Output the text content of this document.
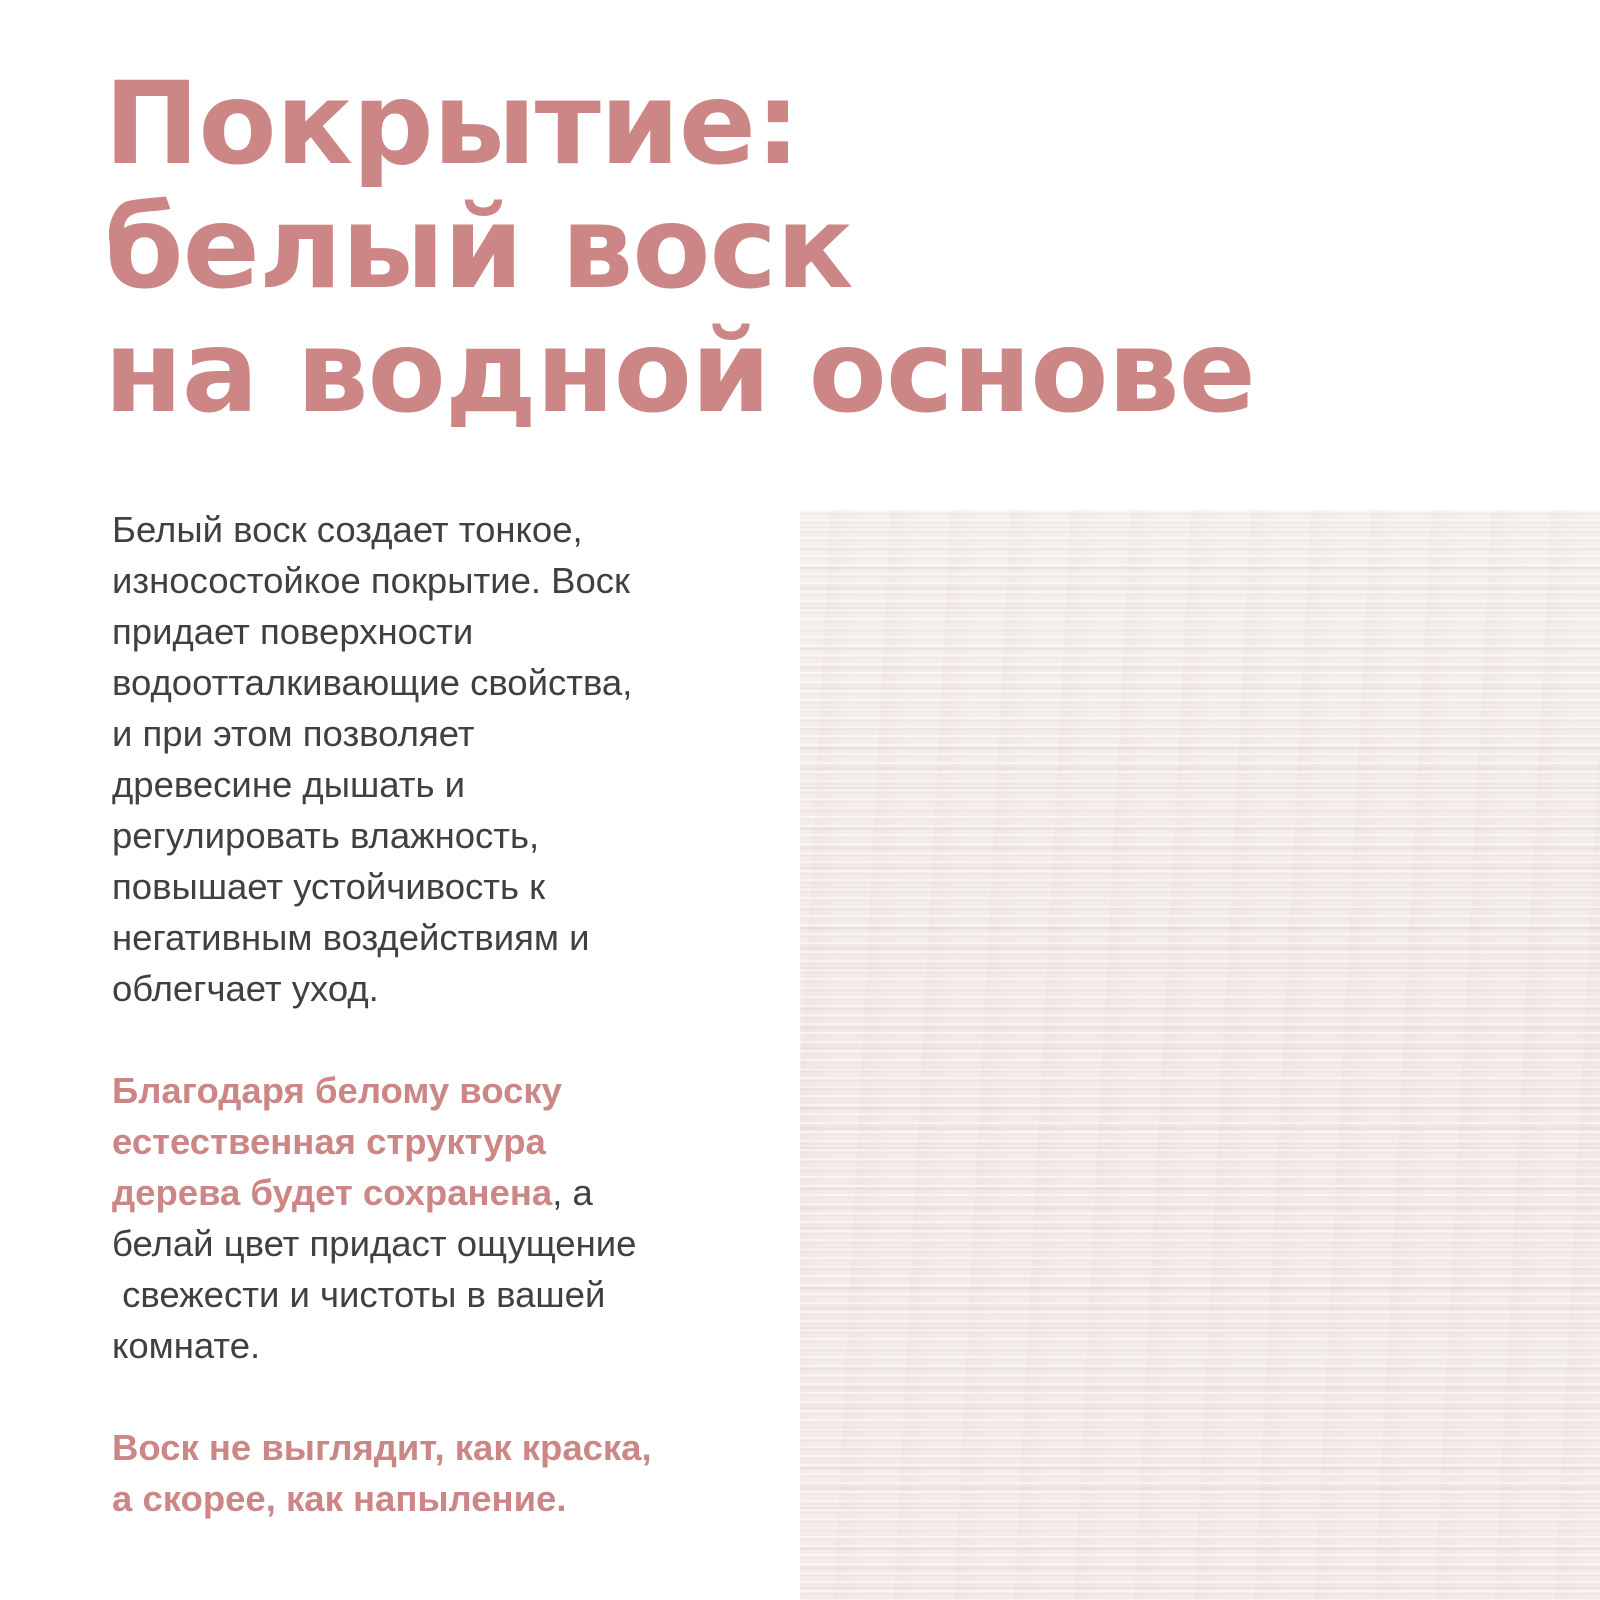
Покрытие:
белый воск
на водной основе
Белый воск создает тонкое,
износостойкое покрытие. Воск
придает поверхности
водоотталкивающие свойства,
и при этом позволяет
древесине дышать и
регулировать влажность,
повышает устойчивость к
негативным воздействиям и
облегчает уход.
Благодаря белому воску
естественная структура
дерева будет сохранена, а
белай цвет придаст ощущение
свежести и чистоты в вашей
комнате.
Воск не выглядит, как краска,
а скорее, как напыление.
